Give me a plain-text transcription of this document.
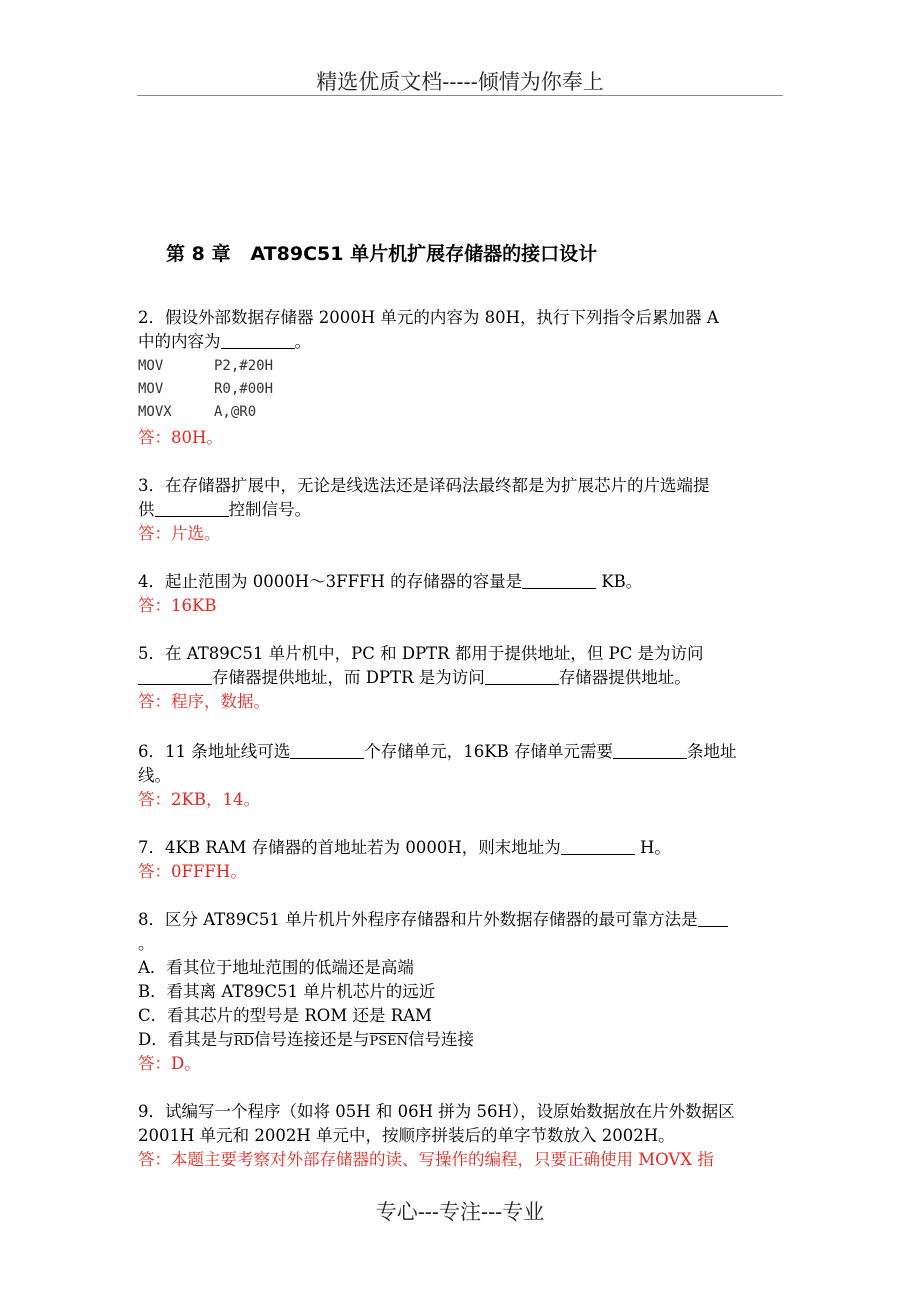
精选优质文档-----倾情为你奉上
第 8 章 AT89C51 单片机扩展存储器的接口设计
2．假设外部数据存储器 2000H 单元的内容为 80H，执行下列指令后累加器 A
中的内容为	。
MOV	P2,#20H
MOV	R0,#00H
MOVX	A,@R0
答：80H。
3．在存储器扩展中，无论是线选法还是译码法最终都是为扩展芯片的片选端提
供	控制信号。
答：片选。
4．起止范围为 0000H～3FFFH 的存储器的容量是	KB。
答：16KB
5．在 AT89C51 单片机中，PC 和 DPTR 都用于提供地址，但 PC 是为访问
存储器提供地址，而 DPTR 是为访问	存储器提供地址。
答：程序，数据。
6．11 条地址线可选	个存储单元，16KB 存储单元需要	条地址
线。
答：2KB，14。
7．4KB RAM 存储器的首地址若为 0000H，则末地址为	H。
答：0FFFH。
8．区分 AT89C51 单片机片外程序存储器和片外数据存储器的最可靠方法是
。
A．看其位于地址范围的低端还是高端
B．看其离 AT89C51 单片机芯片的远近
C．看其芯片的型号是 ROM 还是 RAM
D．看其是与$\overline{RD}$信号连接还是与PSEN信号连接
答：D。
9．试编写一个程序（如将 05H 和 06H 拼为 56H），设原始数据放在片外数据区
2001H 单元和 2002H 单元中，按顺序拼装后的单字节数放入 2002H。
答：本题主要考察对外部存储器的读、写操作的编程，只要正确使用 MOVX 指
专心---专注---专业
